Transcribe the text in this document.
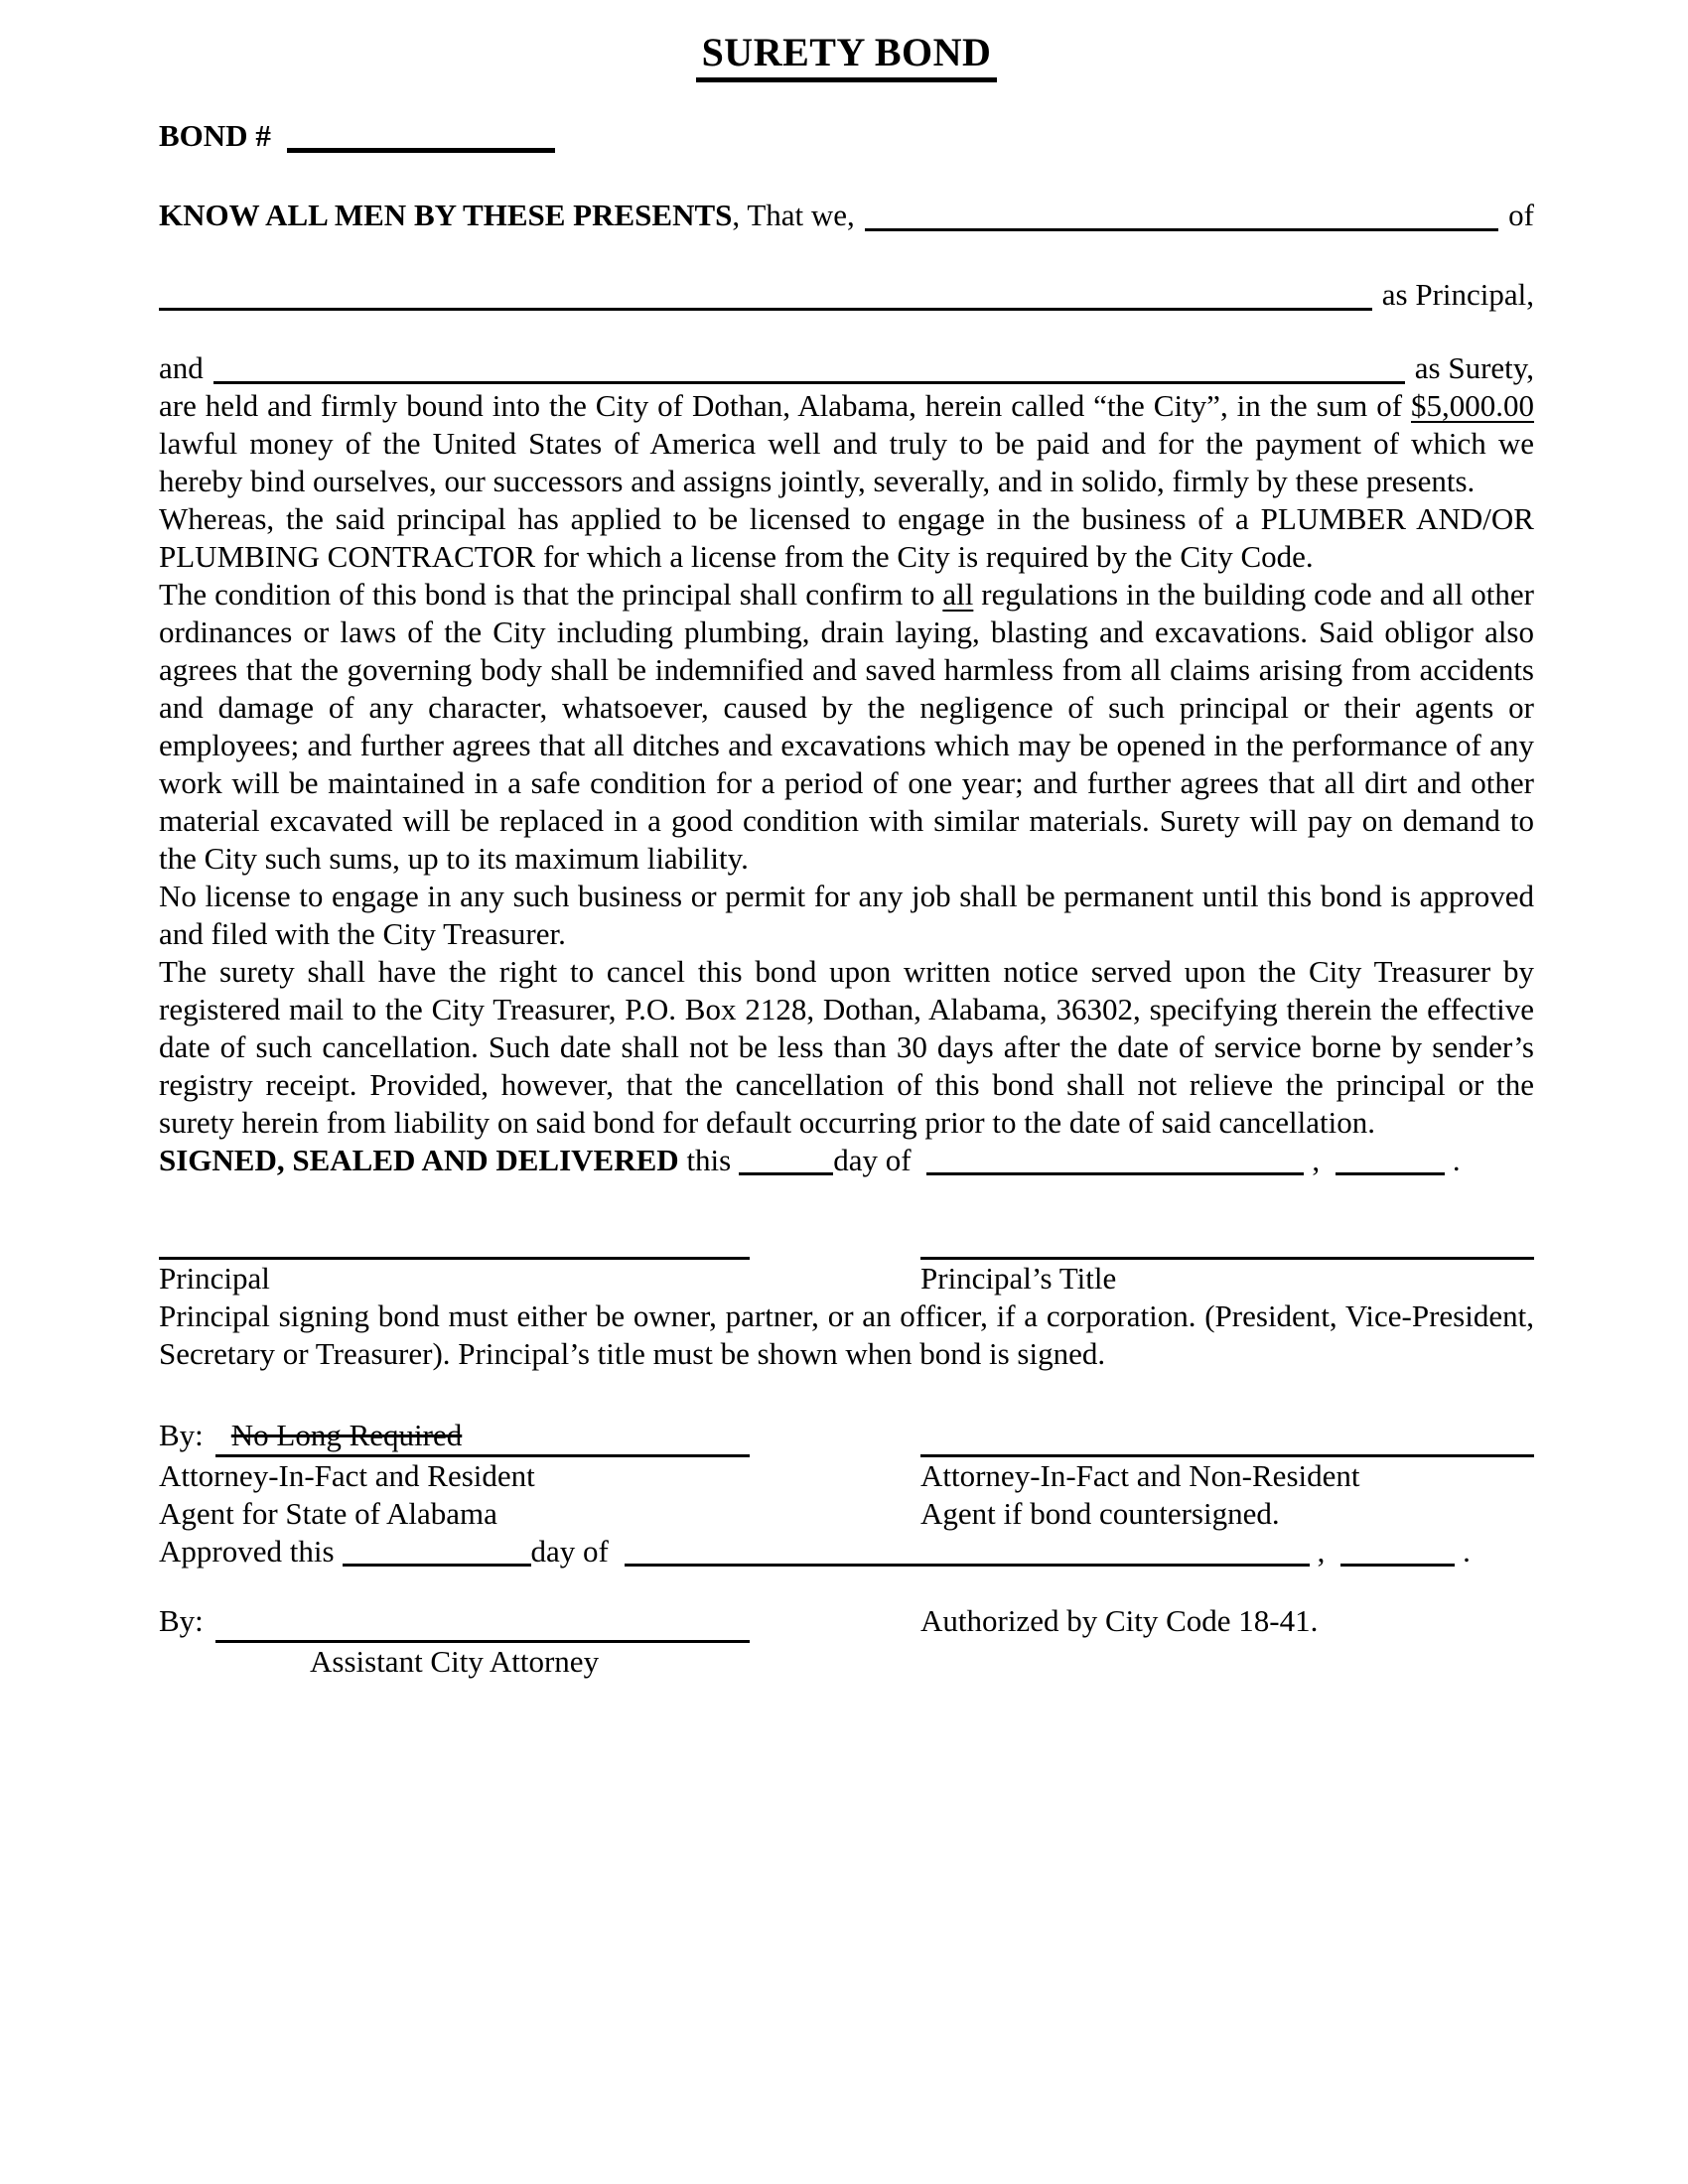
SURETY BOND

BOND #

KNOW ALL MEN BY THESE PRESENTS, That we,	of
as Principal,
and	as Surety,

are held and firmly bound into the City of Dothan, Alabama, herein called “the City”, in the sum of $5,000.00 lawful money of the United States of America well and truly to be paid and for the payment of which we hereby bind ourselves, our successors and assigns jointly, severally, and in solido, firmly by these presents.

Whereas, the said principal has applied to be licensed to engage in the business of a PLUMBER AND/OR PLUMBING CONTRACTOR for which a license from the City is required by the City Code.

The condition of this bond is that the principal shall confirm to all regulations in the building code and all other ordinances or laws of the City including plumbing, drain laying, blasting and excavations. Said obligor also agrees that the governing body shall be indemnified and saved harmless from all claims arising from accidents and damage of any character, whatsoever, caused by the negligence of such principal or their agents or employees; and further agrees that all ditches and excavations which may be opened in the performance of any work will be maintained in a safe condition for a period of one year; and further agrees that all dirt and other material excavated will be replaced in a good condition with similar materials. Surety will pay on demand to the City such sums, up to its maximum liability.

No license to engage in any such business or permit for any job shall be permanent until this bond is approved and filed with the City Treasurer.

The surety shall have the right to cancel this bond upon written notice served upon the City Treasurer by registered mail to the City Treasurer, P.O. Box 2128, Dothan, Alabama, 36302, specifying therein the effective date of such cancellation. Such date shall not be less than 30 days after the date of service borne by sender’s registry receipt. Provided, however, that the cancellation of this bond shall not relieve the principal or the surety herein from liability on said bond for default occurring prior to the date of said cancellation.

SIGNED, SEALED AND DELIVERED this	day of	,	.

Principal	Principal’s Title

Principal signing bond must either be owner, partner, or an officer, if a corporation. (President, Vice-President, Secretary or Treasurer). Principal’s title must be shown when bond is signed.

By: No Long Required
Attorney-In-Fact and Resident
Agent for State of Alabama
Attorney-In-Fact and Non-Resident
Agent if bond countersigned.

Approved this	day of	,	.

By:
	Authorized by City Code 18-41.
Assistant City Attorney
